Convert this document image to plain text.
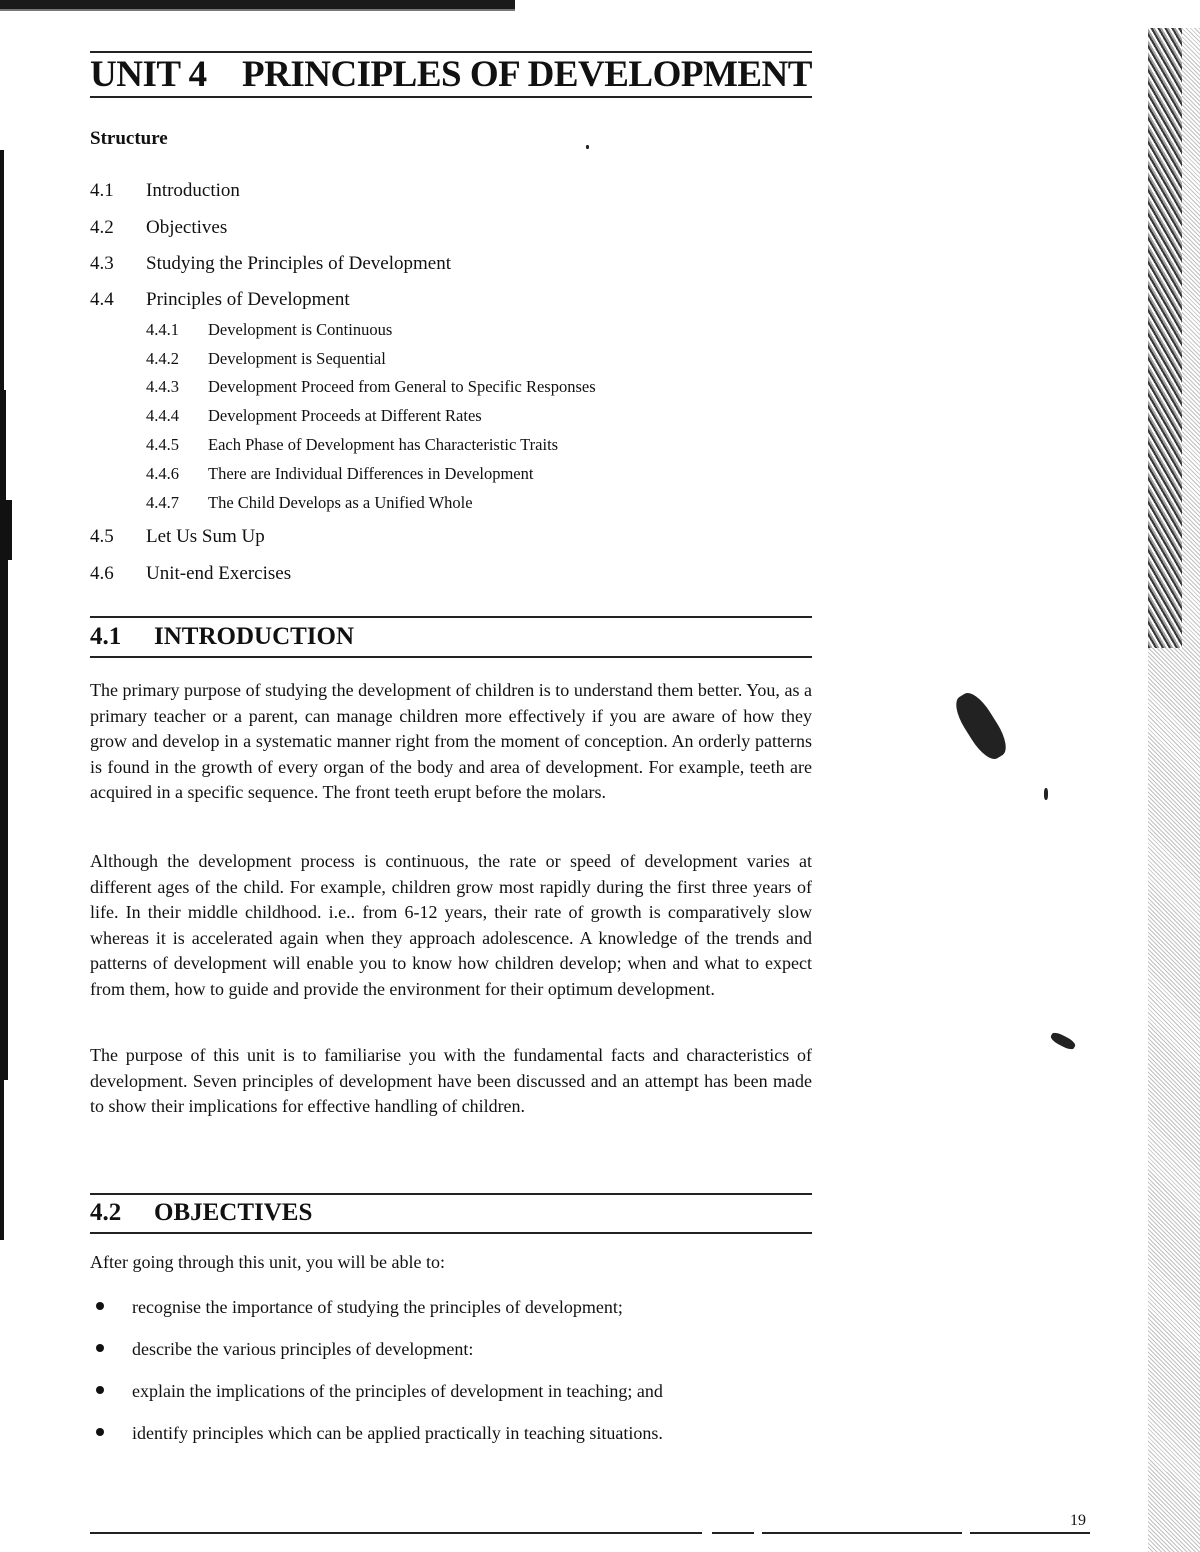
UNIT 4 PRINCIPLES OF DEVELOPMENT
Structure
4.1	Introduction
4.2	Objectives
4.3	Studying the Principles of Development
4.4	Principles of Development
4.4.1	Development is Continuous
4.4.2	Development is Sequential
4.4.3	Development Proceed from General to Specific Responses
4.4.4	Development Proceeds at Different Rates
4.4.5	Each Phase of Development has Characteristic Traits
4.4.6	There are Individual Differences in Development
4.4.7	The Child Develops as a Unified Whole
4.5	Let Us Sum Up
4.6	Unit-end Exercises
4.1 INTRODUCTION

The primary purpose of studying the development of children is to understand them better. You, as a primary teacher or a parent, can manage children more effectively if you are aware of how they grow and develop in a systematic manner right from the moment of conception. An orderly patterns is found in the growth of every organ of the body and area of development. For example, teeth are acquired in a specific sequence. The front teeth erupt before the molars.

Although the development process is continuous, the rate or speed of development varies at different ages of the child. For example, children grow most rapidly during the first three years of life. In their middle childhood. i.e.. from 6-12 years, their rate of growth is comparatively slow whereas it is accelerated again when they approach adolescence. A knowledge of the trends and patterns of development will enable you to know how children develop; when and what to expect from them, how to guide and provide the environment for their optimum development.

The purpose of this unit is to familiarise you with the fundamental facts and characteristics of development. Seven principles of development have been discussed and an attempt has been made to show their implications for effective handling of children.

4.2 OBJECTIVES
After going through this unit, you will be able to:
recognise the importance of studying the principles of development;
describe the various principles of development:
explain the implications of the principles of development in teaching; and
identify principles which can be applied practically in teaching situations.
19
